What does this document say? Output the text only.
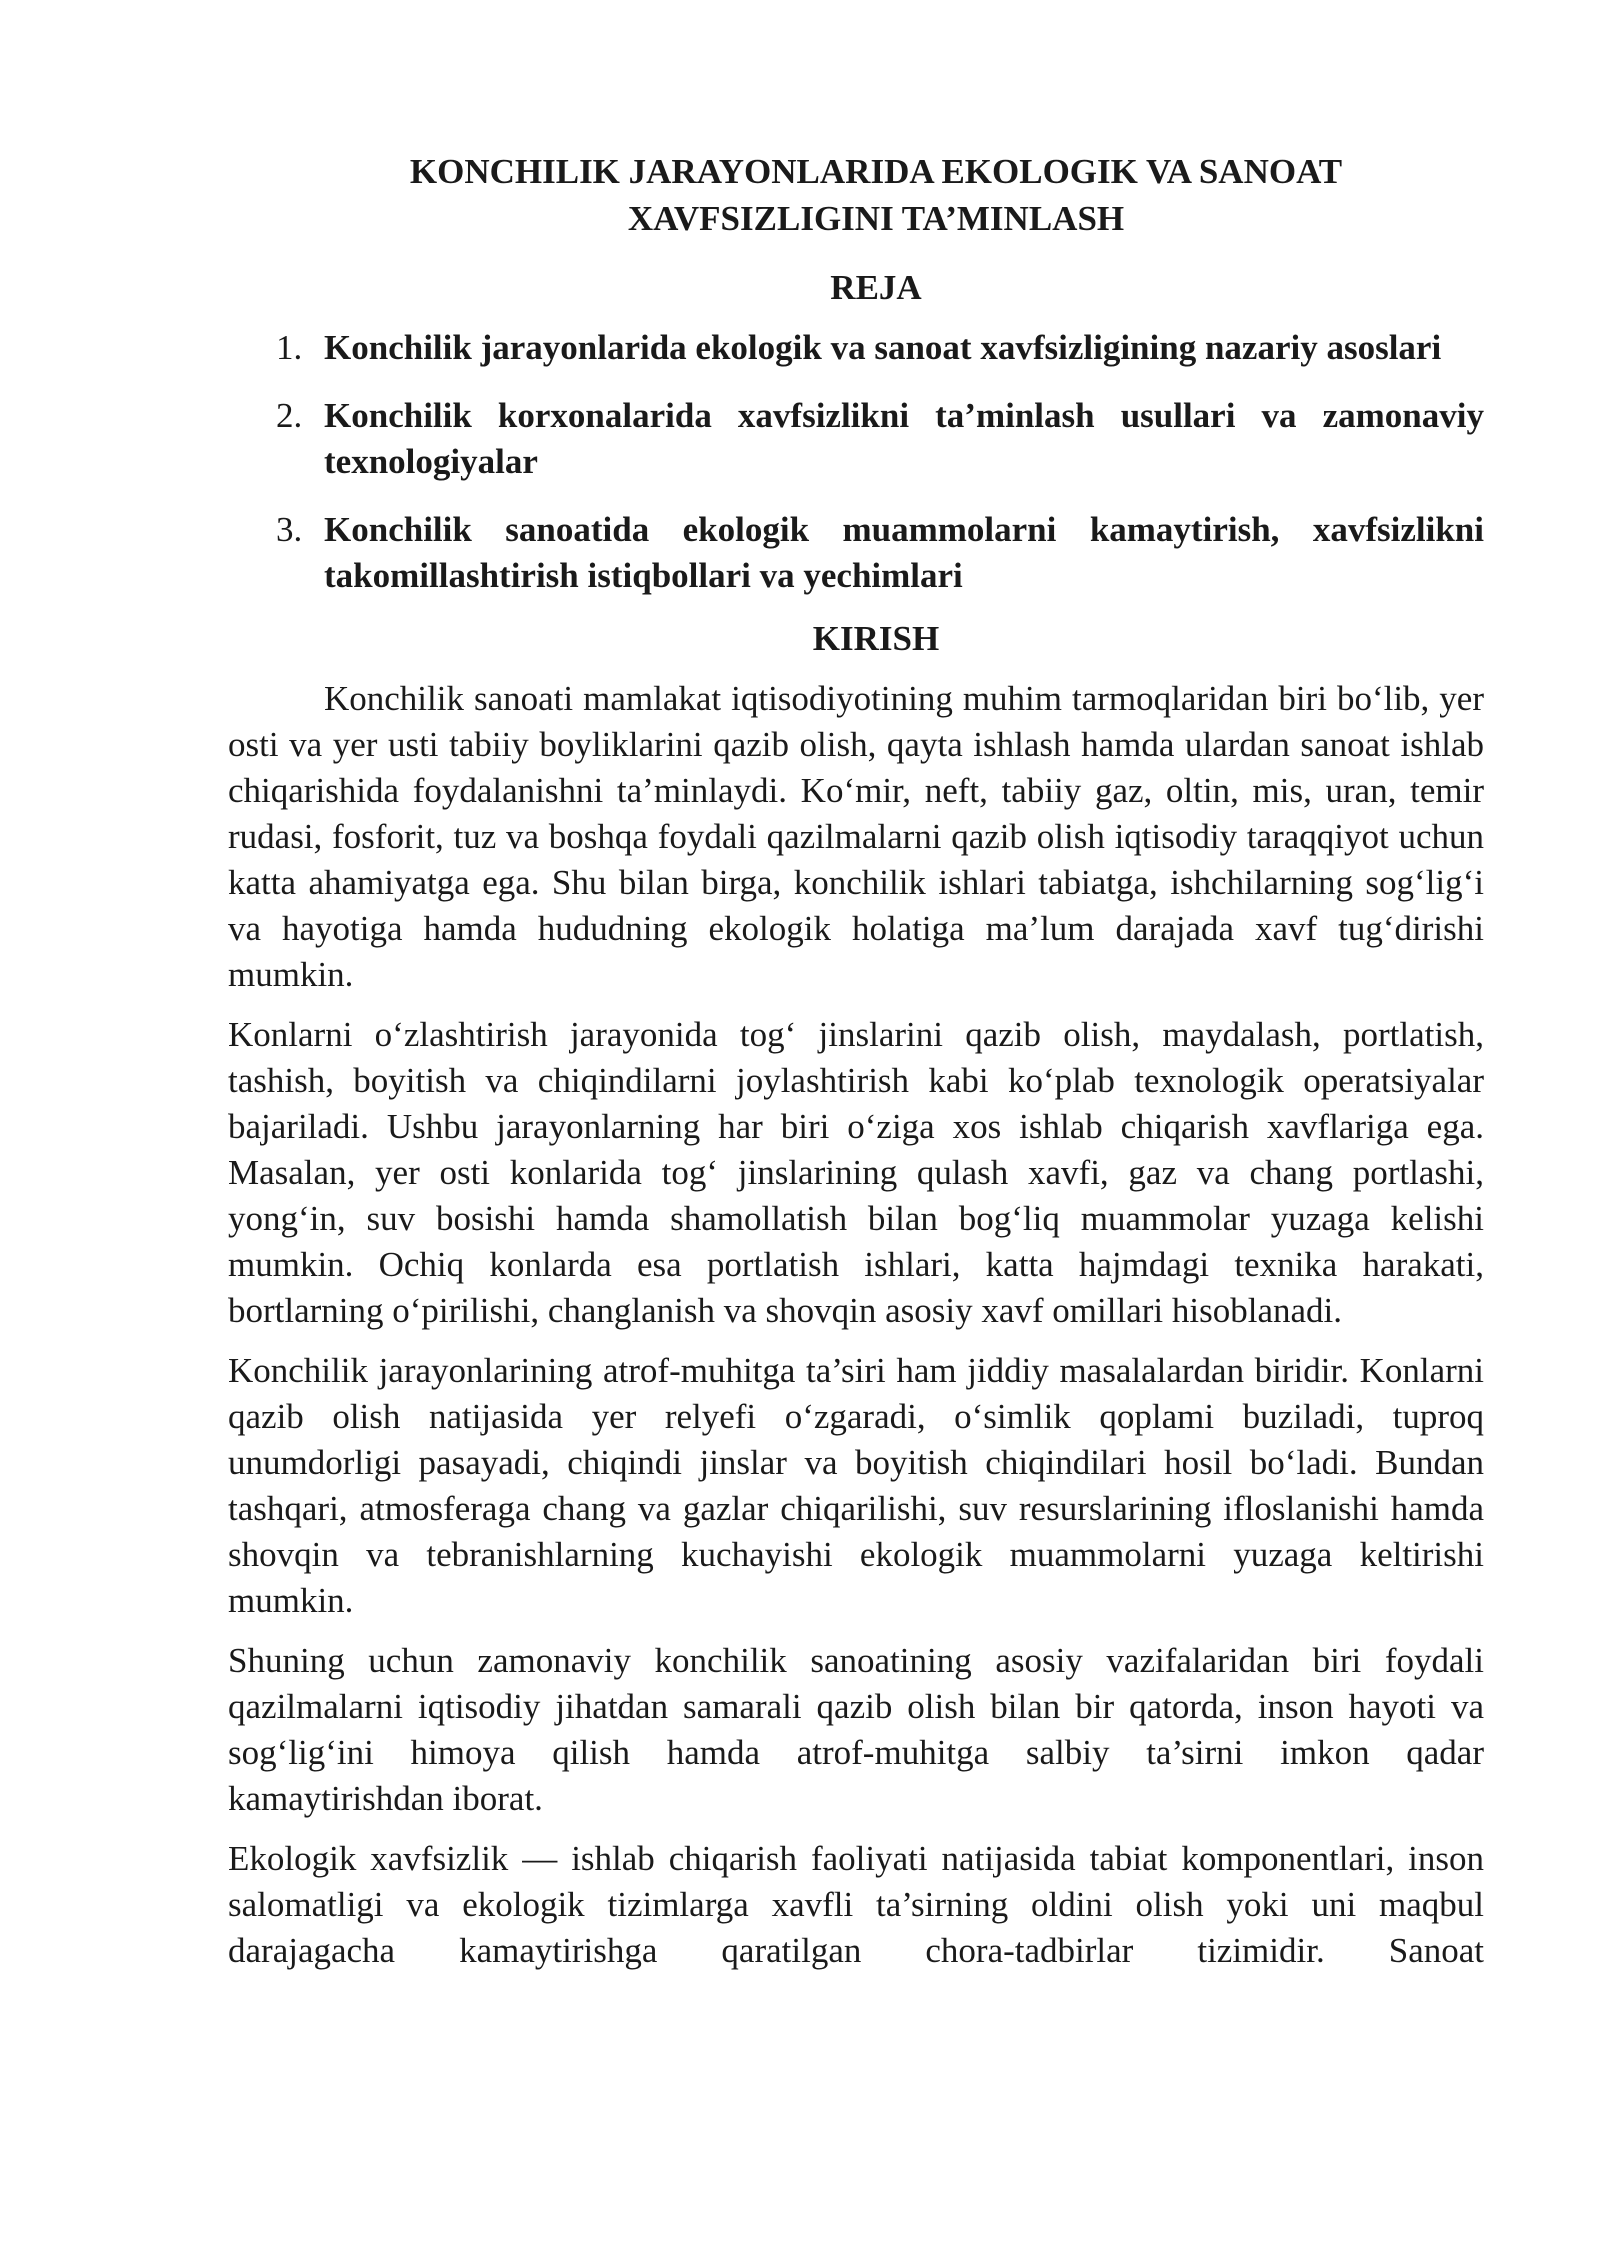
KONCHILIK JARAYONLARIDA EKOLOGIK VA SANOAT
XAVFSIZLIGINI TA’MINLASH
REJA
1. Konchilik jarayonlarida ekologik va sanoat xavfsizligining nazariy asoslari
2. Konchilik korxonalarida xavfsizlikni ta’minlash usullari va zamonaviy texnologiyalar
3. Konchilik sanoatida ekologik muammolarni kamaytirish, xavfsizlikni takomillashtirish istiqbollari va yechimlari
KIRISH

Konchilik sanoati mamlakat iqtisodiyotining muhim tarmoqlaridan biri bo‘lib, yer osti va yer usti tabiiy boyliklarini qazib olish, qayta ishlash hamda ulardan sanoat ishlab chiqarishida foydalanishni ta’minlaydi. Ko‘mir, neft, tabiiy gaz, oltin, mis, uran, temir rudasi, fosforit, tuz va boshqa foydali qazilmalarni qazib olish iqtisodiy taraqqiyot uchun katta ahamiyatga ega. Shu bilan birga, konchilik ishlari tabiatga, ishchilarning sog‘lig‘i va hayotiga hamda hududning ekologik holatiga ma’lum darajada xavf tug‘dirishi mumkin.

Konlarni o‘zlashtirish jarayonida tog‘ jinslarini qazib olish, maydalash, portlatish, tashish, boyitish va chiqindilarni joylashtirish kabi ko‘plab texnologik operatsiyalar bajariladi. Ushbu jarayonlarning har biri o‘ziga xos ishlab chiqarish xavflariga ega. Masalan, yer osti konlarida tog‘ jinslarining qulash xavfi, gaz va chang portlashi, yong‘in, suv bosishi hamda shamollatish bilan bog‘liq muammolar yuzaga kelishi mumkin. Ochiq konlarda esa portlatish ishlari, katta hajmdagi texnika harakati, bortlarning o‘pirilishi, changlanish va shovqin asosiy xavf omillari hisoblanadi.

Konchilik jarayonlarining atrof-muhitga ta’siri ham jiddiy masalalardan biridir. Konlarni qazib olish natijasida yer relyefi o‘zgaradi, o‘simlik qoplami buziladi, tuproq unumdorligi pasayadi, chiqindi jinslar va boyitish chiqindilari hosil bo‘ladi. Bundan tashqari, atmosferaga chang va gazlar chiqarilishi, suv resurslarining ifloslanishi hamda shovqin va tebranishlarning kuchayishi ekologik muammolarni yuzaga keltirishi mumkin.

Shuning uchun zamonaviy konchilik sanoatining asosiy vazifalaridan biri foydali qazilmalarni iqtisodiy jihatdan samarali qazib olish bilan bir qatorda, inson hayoti va sog‘lig‘ini himoya qilish hamda atrof-muhitga salbiy ta’sirni imkon qadar kamaytirishdan iborat.

Ekologik xavfsizlik — ishlab chiqarish faoliyati natijasida tabiat komponentlari, inson salomatligi va ekologik tizimlarga xavfli ta’sirning oldini olish yoki uni maqbul darajagacha kamaytirishga qaratilgan chora-tadbirlar tizimidir. Sanoat
